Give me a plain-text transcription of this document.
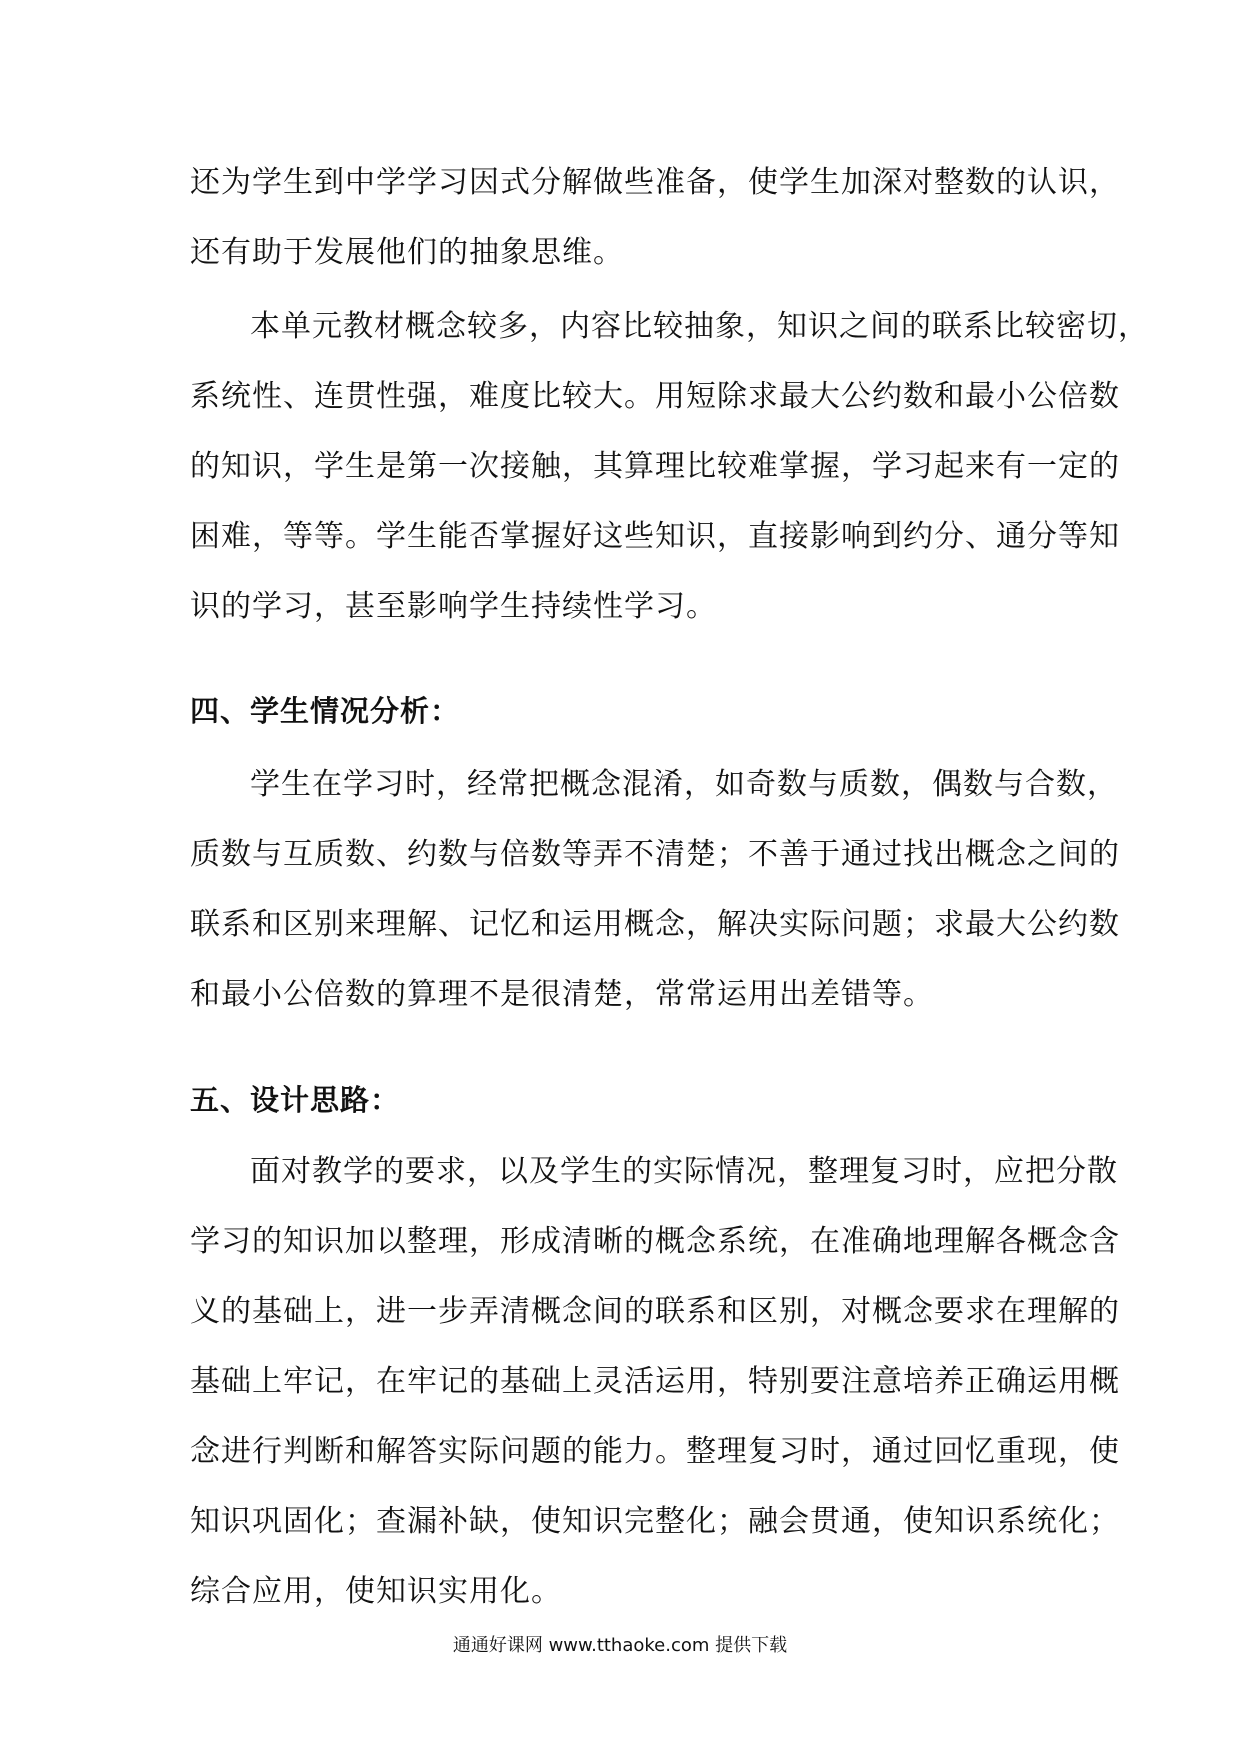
还为学生到中学学习因式分解做些准备，使学生加深对整数的认识，
还有助于发展他们的抽象思维。
本单元教材概念较多，内容比较抽象，知识之间的联系比较密切，
系统性、连贯性强，难度比较大。用短除求最大公约数和最小公倍数
的知识，学生是第一次接触，其算理比较难掌握，学习起来有一定的
困难，等等。学生能否掌握好这些知识，直接影响到约分、通分等知
识的学习，甚至影响学生持续性学习。
四、学生情况分析：
学生在学习时，经常把概念混淆，如奇数与质数，偶数与合数，
质数与互质数、约数与倍数等弄不清楚；不善于通过找出概念之间的
联系和区别来理解、记忆和运用概念，解决实际问题；求最大公约数
和最小公倍数的算理不是很清楚，常常运用出差错等。
五、设计思路：
面对教学的要求，以及学生的实际情况，整理复习时，应把分散
学习的知识加以整理，形成清晰的概念系统，在准确地理解各概念含
义的基础上，进一步弄清概念间的联系和区别，对概念要求在理解的
基础上牢记，在牢记的基础上灵活运用，特别要注意培养正确运用概
念进行判断和解答实际问题的能力。整理复习时，通过回忆重现，使
知识巩固化；查漏补缺，使知识完整化；融会贯通，使知识系统化；
综合应用，使知识实用化。
通通好课网 www.tthaoke.com 提供下载
